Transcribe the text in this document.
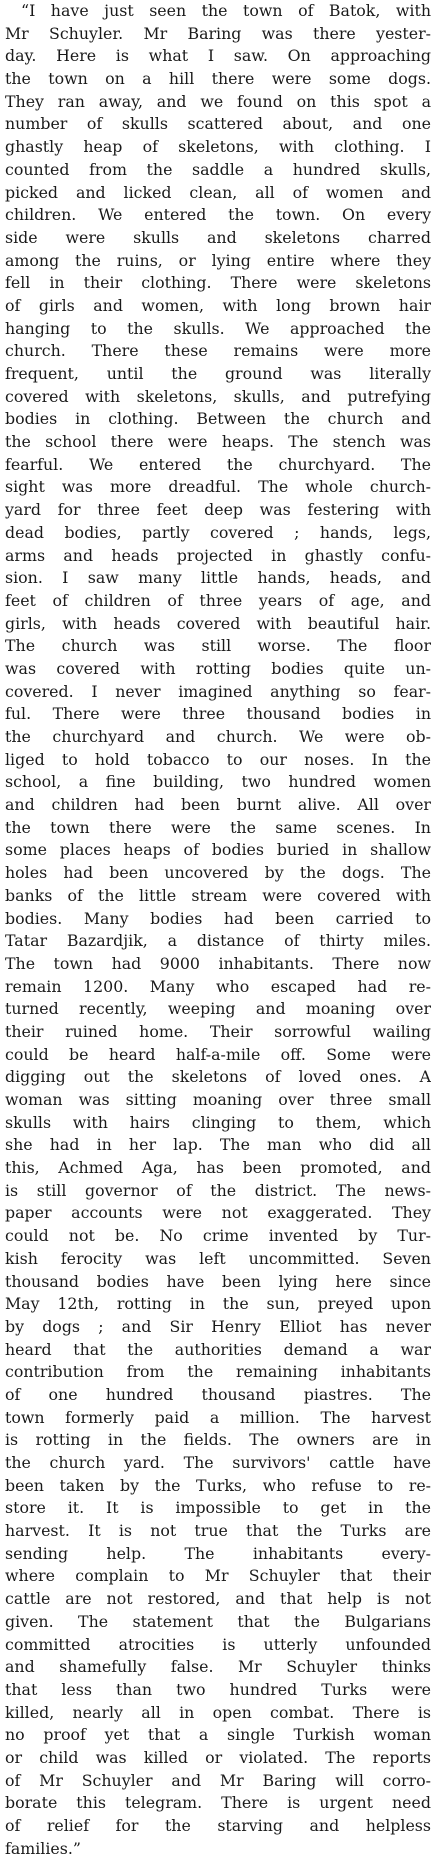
“I have just seen the town of Batok, with
Mr Schuyler. Mr Baring was there yester-
day. Here is what I saw. On approaching
the town on a hill there were some dogs.
They ran away, and we found on this spot a
number of skulls scattered about, and one
ghastly heap of skeletons, with clothing. I
counted from the saddle a hundred skulls,
picked and licked clean, all of women and
children. We entered the town. On every
side were skulls and skeletons charred
among the ruins, or lying entire where they
fell in their clothing. There were skeletons
of girls and women, with long brown hair
hanging to the skulls. We approached the
church. There these remains were more
frequent, until the ground was literally
covered with skeletons, skulls, and putrefying
bodies in clothing. Between the church and
the school there were heaps. The stench was
fearful. We entered the churchyard. The
sight was more dreadful. The whole church-
yard for three feet deep was festering with
dead bodies, partly covered ; hands, legs,
arms and heads projected in ghastly confu-
sion. I saw many little hands, heads, and
feet of children of three years of age, and
girls, with heads covered with beautiful hair.
The church was still worse. The floor
was covered with rotting bodies quite un-
covered. I never imagined anything so fear-
ful. There were three thousand bodies in
the churchyard and church. We were ob-
liged to hold tobacco to our noses. In the
school, a fine building, two hundred women
and children had been burnt alive. All over
the town there were the same scenes. In
some places heaps of bodies buried in shallow
holes had been uncovered by the dogs. The
banks of the little stream were covered with
bodies. Many bodies had been carried to
Tatar Bazardjik, a distance of thirty miles.
The town had 9000 inhabitants. There now
remain 1200. Many who escaped had re-
turned recently, weeping and moaning over
their ruined home. Their sorrowful wailing
could be heard half-a-mile off. Some were
digging out the skeletons of loved ones. A
woman was sitting moaning over three small
skulls with hairs clinging to them, which
she had in her lap. The man who did all
this, Achmed Aga, has been promoted, and
is still governor of the district. The news-
paper accounts were not exaggerated. They
could not be. No crime invented by Tur-
kish ferocity was left uncommitted. Seven
thousand bodies have been lying here since
May 12th, rotting in the sun, preyed upon
by dogs ; and Sir Henry Elliot has never
heard that the authorities demand a war
contribution from the remaining inhabitants
of one hundred thousand piastres. The
town formerly paid a million. The harvest
is rotting in the fields. The owners are in
the church yard. The survivors' cattle have
been taken by the Turks, who refuse to re-
store it. It is impossible to get in the
harvest. It is not true that the Turks are
sending help. The inhabitants every-
where complain to Mr Schuyler that their
cattle are not restored, and that help is not
given. The statement that the Bulgarians
committed atrocities is utterly unfounded
and shamefully false. Mr Schuyler thinks
that less than two hundred Turks were
killed, nearly all in open combat. There is
no proof yet that a single Turkish woman
or child was killed or violated. The reports
of Mr Schuyler and Mr Baring will corro-
borate this telegram. There is urgent need
of relief for the starving and helpless
families.”
